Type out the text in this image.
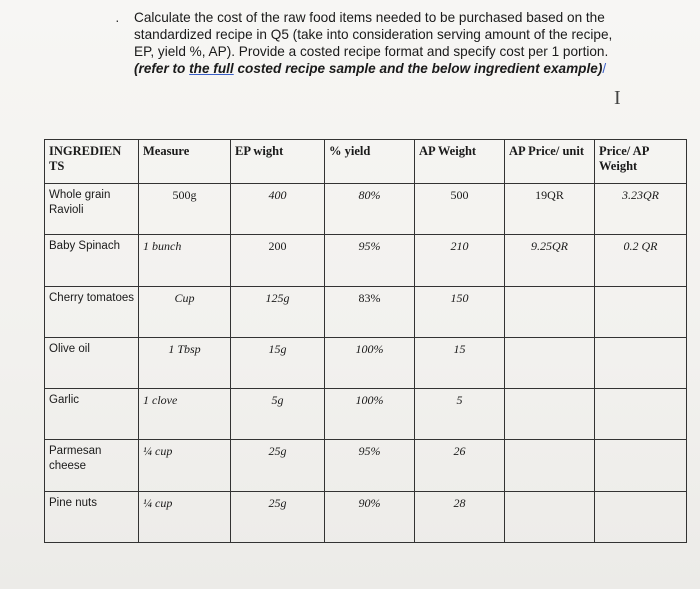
· Calculate the cost of the raw food items needed to be purchased based on the standardized recipe in Q5 (take into consideration serving amount of the recipe, EP, yield %, AP). Provide a costed recipe format and specify cost per 1 portion. (refer to the full costed recipe sample and the below ingredient example)/
I
INGREDIEN TS	Measure	EP wight	% yield	AP Weight	AP Price/ unit	Price/ AP Weight
Whole grain Ravioli	500g	400	80%	500	19QR	3.23QR
Baby Spinach	1 bunch	200	95%	210	9.25QR	0.2 QR
Cherry tomatoes	Cup	125g	83%	150		
Olive oil	1 Tbsp	15g	100%	15		
Garlic	1 clove	5g	100%	5		
Parmesan cheese	¼ cup	25g	95%	26		
Pine nuts	¼ cup	25g	90%	28		
